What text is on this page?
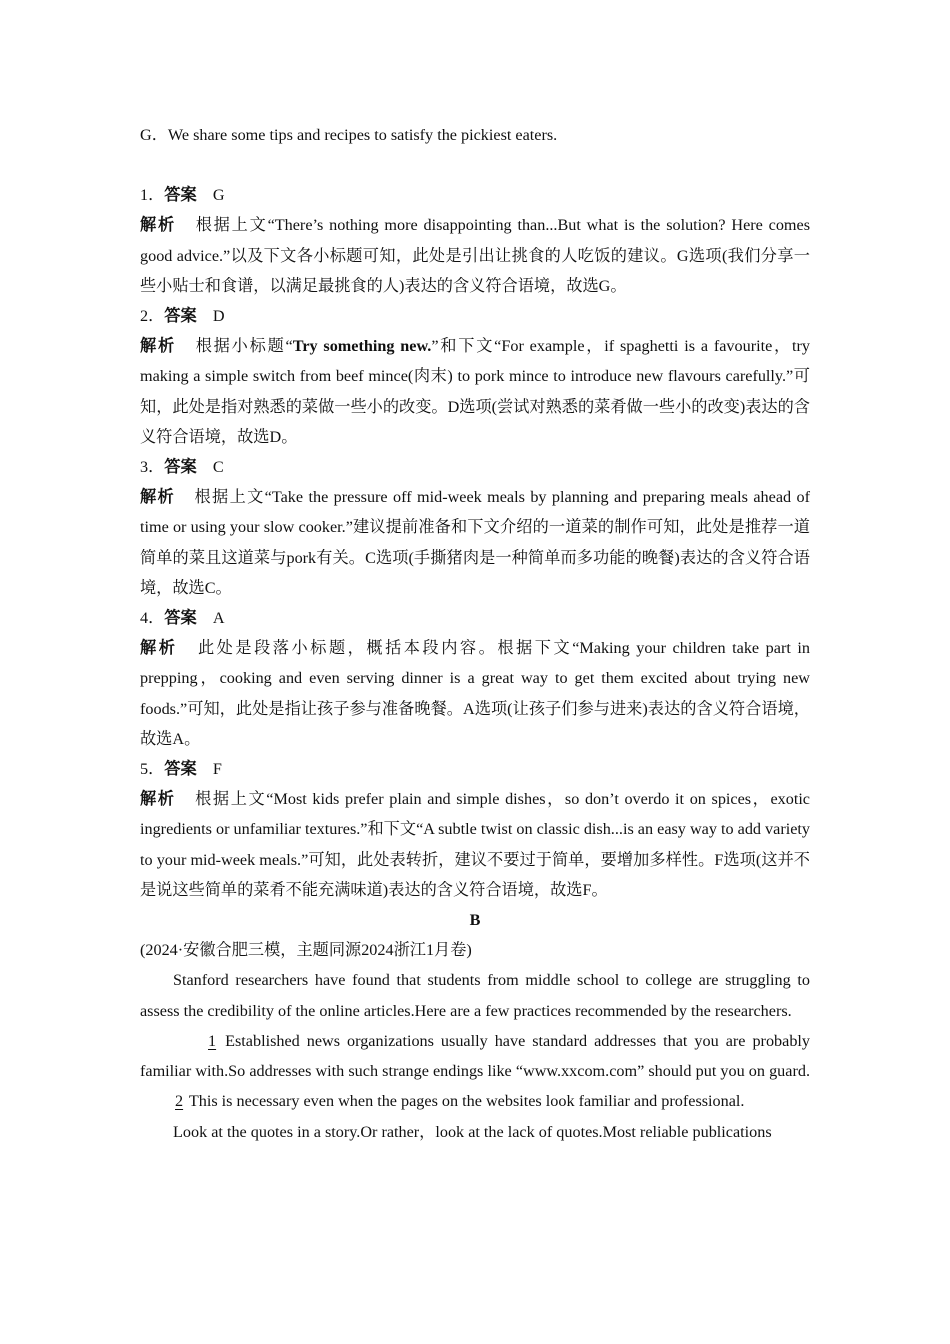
G．We share some tips and recipes to satisfy the pickiest eaters.

1．答案　 G

解析 根据上文“There’s nothing more disappointing than...But what is the solution? Here comes good advice.”以及下文各小标题可知，此处是引出让挑食的人吃饭的建议。G选项(我们分享一些小贴士和食谱，以满足最挑食的人)表达的含义符合语境，故选G。

2．答案　 D

解析 根据小标题“Try something new.”和下文“For example，if spaghetti is a favourite，try making a simple switch from beef mince(肉末) to pork mince to introduce new flavours carefully.”可知，此处是指对熟悉的菜做一些小的改变。D选项(尝试对熟悉的菜肴做一些小的改变)表达的含义符合语境，故选D。

3．答案　 C

解析 根据上文“Take the pressure off mid-week meals by planning and preparing meals ahead of time or using your slow cooker.”建议提前准备和下文介绍的一道菜的制作可知，此处是推荐一道简单的菜且这道菜与pork有关。C选项(手撕猪肉是一种简单而多功能的晚餐)表达的含义符合语境，故选C。

4．答案　 A

解析 此处是段落小标题，概括本段内容。根据下文“Making your children take part in prepping，cooking and even serving dinner is a great way to get them excited about trying new foods.”可知，此处是指让孩子参与准备晚餐。A选项(让孩子们参与进来)表达的含义符合语境，故选A。

5．答案　 F

解析 根据上文“Most kids prefer plain and simple dishes，so don’t overdo it on spices，exotic ingredients or unfamiliar textures.”和下文“A subtle twist on classic dish...is an easy way to add variety to your mid-week meals.”可知，此处表转折，建议不要过于简单，要增加多样性。F选项(这并不是说这些简单的菜肴不能充满味道)表达的含义符合语境，故选F。

B

(2024·安徽合肥三模，主题同源2024浙江1月卷)

Stanford researchers have found that students from middle school to college are struggling to assess the credibility of the online articles.Here are a few practices recommended by the researchers.

1 Established news organizations usually have standard addresses that you are probably familiar with.So addresses with such strange endings like “www.xxcom.com” should put you on guard.2 This is necessary even when the pages on the websites look familiar and professional.

Look at the quotes in a story.Or rather，look at the lack of quotes.Most reliable publications
